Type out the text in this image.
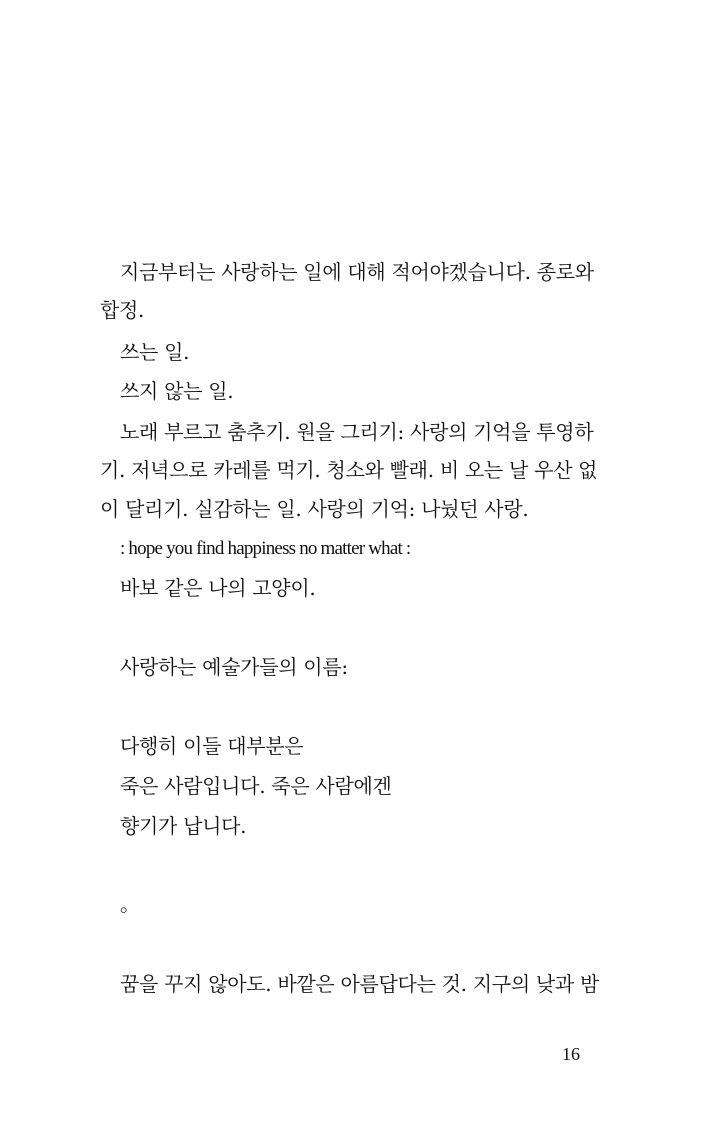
지금부터는 사랑하는 일에 대해 적어야겠습니다. 종로와
합정.
쓰는 일.
쓰지 않는 일.
노래 부르고 춤추기. 원을 그리기: 사랑의 기억을 투영하
기. 저녁으로 카레를 먹기. 청소와 빨래. 비 오는 날 우산 없
이 달리기. 실감하는 일. 사랑의 기억: 나눴던 사랑.
: hope you find happiness no matter what :
바보 같은 나의 고양이.
사랑하는 예술가들의 이름:
다행히 이들 대부분은
죽은 사람입니다. 죽은 사람에겐
향기가 납니다.
。
꿈을 꾸지 않아도. 바깥은 아름답다는 것. 지구의 낮과 밤
16
